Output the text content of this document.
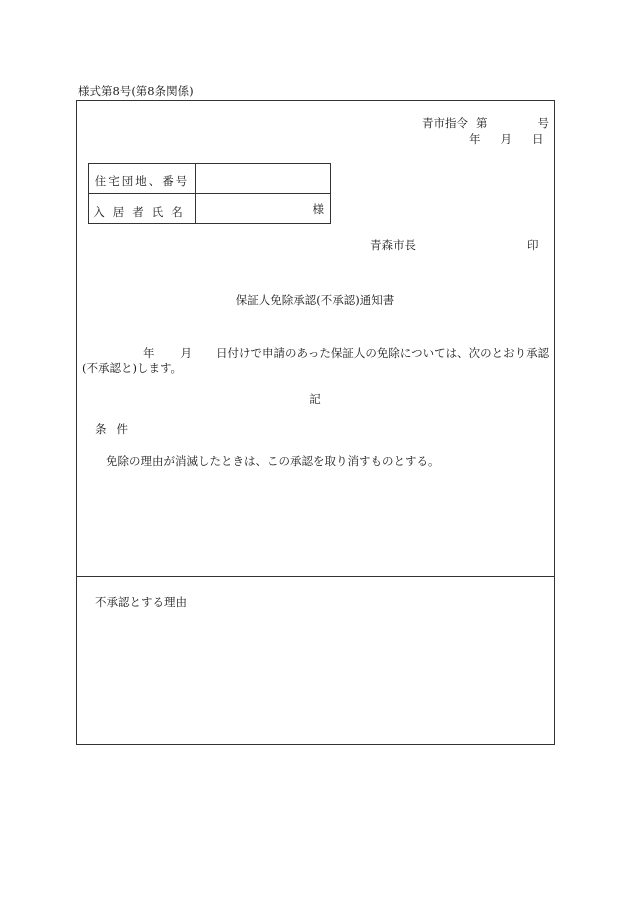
様式第8号(第8条関係)
青市指令 第	号
年 月 日
住宅団地、番号
入居者氏名	様
青森市長	印
保証人免除承認(不承認)通知書
年 月 日付けで申請のあった保証人の免除については、次のとおり承認
(不承認と)します。
記
条件
免除の理由が消滅したときは、この承認を取り消すものとする。
不承認とする理由
